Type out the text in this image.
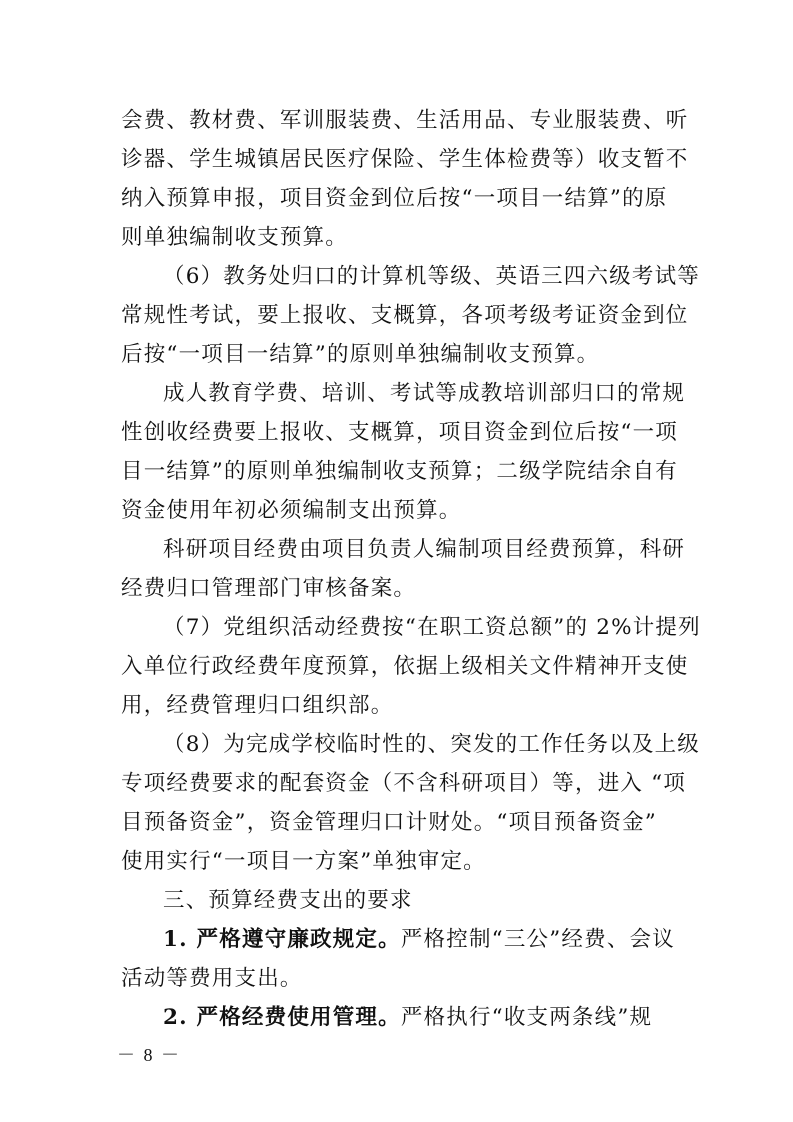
会费、教材费、军训服装费、生活用品、专业服装费、听
诊器、学生城镇居民医疗保险、学生体检费等）收支暂不
纳入预算申报，项目资金到位后按“一项目一结算”的原
则单独编制收支预算。
（6）教务处归口的计算机等级、英语三四六级考试等
常规性考试，要上报收、支概算，各项考级考证资金到位
后按“一项目一结算”的原则单独编制收支预算。
成人教育学费、培训、考试等成教培训部归口的常规
性创收经费要上报收、支概算，项目资金到位后按“一项
目一结算”的原则单独编制收支预算；二级学院结余自有
资金使用年初必须编制支出预算。
科研项目经费由项目负责人编制项目经费预算，科研
经费归口管理部门审核备案。
（7）党组织活动经费按“在职工资总额”的 2%计提列
入单位行政经费年度预算，依据上级相关文件精神开支使
用，经费管理归口组织部。
（8）为完成学校临时性的、突发的工作任务以及上级
专项经费要求的配套资金（不含科研项目）等，进入 “项
目预备资金”，资金管理归口计财处。“项目预备资金”
使用实行“一项目一方案”单独审定。
三、预算经费支出的要求
1. 严格遵守廉政规定。严格控制“三公”经费、会议
活动等费用支出。
2. 严格经费使用管理。严格执行“收支两条线”规
－ 8 －
